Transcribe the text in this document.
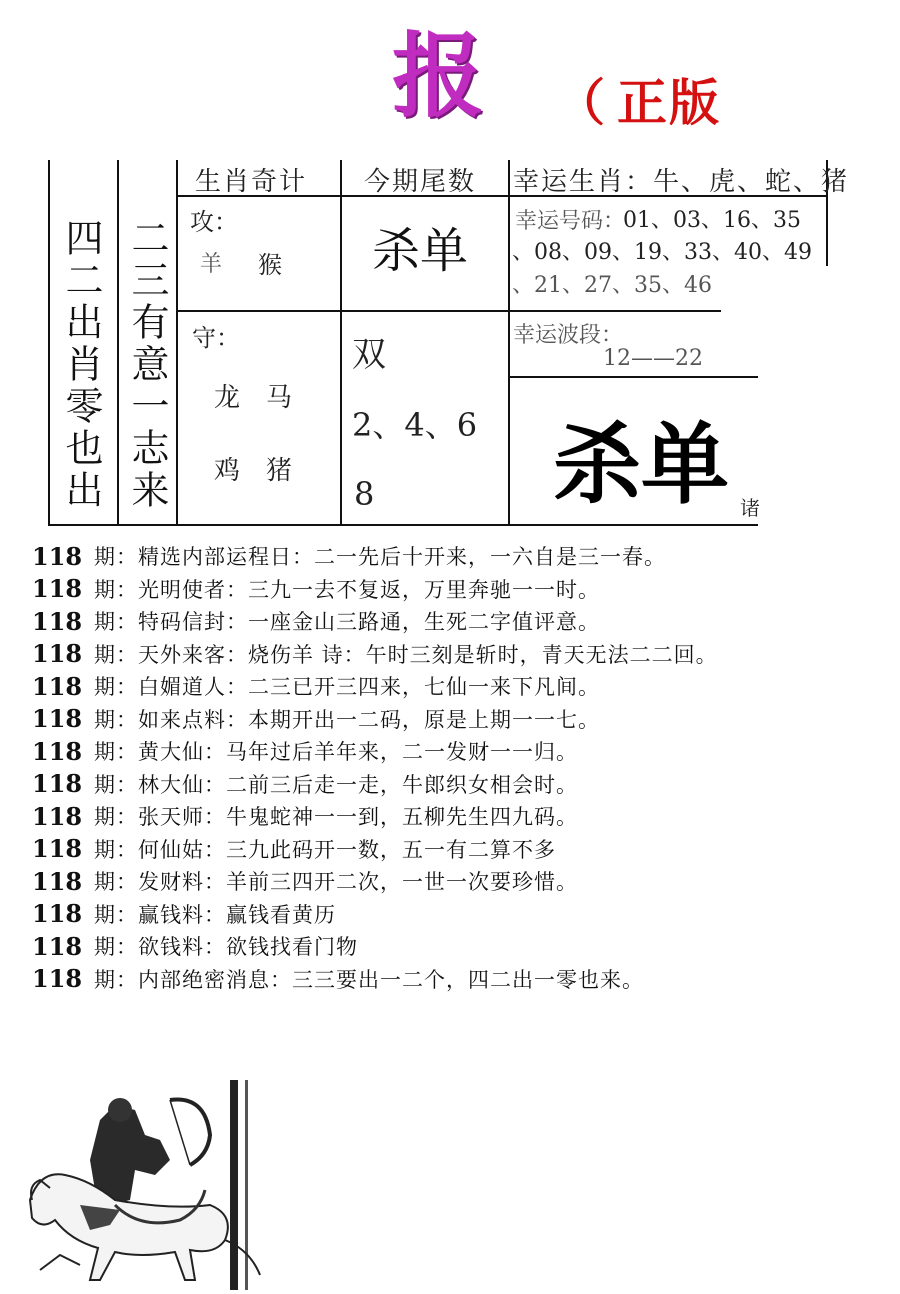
报 （ 正版
四二出肖零也出 二三有意一志来
生肖奇计 今期尾数 幸运生肖：牛、虎、蛇、猪
攻：
羊 猴 杀单
幸运号码：
01、03、16、35
、08、09、19、33、40、49
、21、27、35、46
守：
龙 马
鸡 猪
双
2、4、6
8
幸运波段：
12——22
杀单 诸
118 期：精选内部运程日：二一先后十开来，一六自是三一春。
118 期：光明使者：三九一去不复返，万里奔驰一一时。
118 期：特码信封：一座金山三路通，生死二字值评意。
118 期：天外来客：烧伤羊 诗：午时三刻是斩时，青天无法二二回。
118 期：白媚道人：二三已开三四来，七仙一来下凡间。
118 期：如来点料：本期开出一二码，原是上期一一七。
118 期：黄大仙：马年过后羊年来，二一发财一一归。
118 期：林大仙：二前三后走一走，牛郎织女相会时。
118 期：张天师：牛鬼蛇神一一到，五柳先生四九码。
118 期：何仙姑：三九此码开一数，五一有二算不多
118 期：发财料：羊前三四开二次，一世一次要珍惜。
118 期：赢钱料：赢钱看黄历
118 期：欲钱料：欲钱找看门物
118 期：内部绝密消息：三三要出一二个，四二出一零也来。
